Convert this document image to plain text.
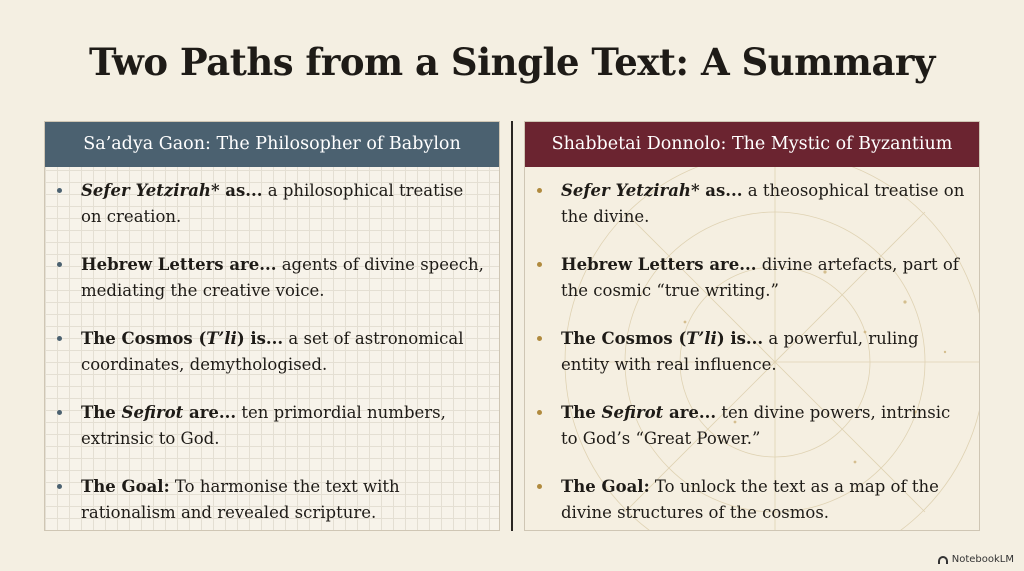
Two Paths from a Single Text: A Summary
Sa’adya Gaon: The Philosopher of Babylon
Sefer Yetzirah* as... a philosophical treatise on creation.
Hebrew Letters are... agents of divine speech, mediating the creative voice.
The Cosmos (T’li) is... a set of astronomical coordinates, demythologised.
The Sefirot are... ten primordial numbers, extrinsic to God.
The Goal: To harmonise the text with rationalism and revealed scripture.
Shabbetai Donnolo: The Mystic of Byzantium
Sefer Yetzirah* as... a theosophical treatise on the divine.
Hebrew Letters are... divine artefacts, part of the cosmic “true writing.”
The Cosmos (T’li) is... a powerful, ruling entity with real influence.
The Sefirot are... ten divine powers, intrinsic to God’s “Great Power.”
The Goal: To unlock the text as a map of the divine structures of the cosmos.
NotebookLM
